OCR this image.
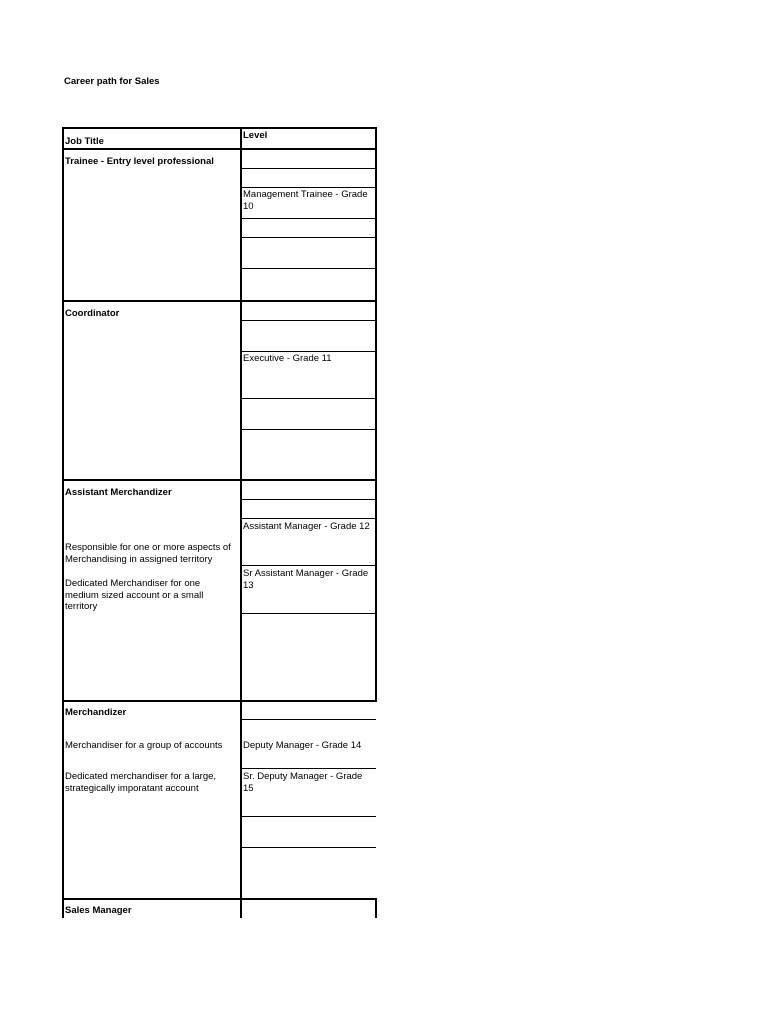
Career path for Sales
Job Title
Level
Trainee - Entry level professional
Management Trainee - Grade 10
Coordinator
Executive - Grade 11
Assistant Merchandizer
Responsible for one or more aspects of Merchandising in assigned territory
Dedicated Merchandiser for one medium sized account or a small territory
Assistant Manager - Grade 12
Sr Assistant Manager - Grade 13
Merchandizer
Merchandiser for a group of accounts Deputy Manager - Grade 14
Dedicated merchandiser for a large, strategically imporatant account
Sr. Deputy Manager - Grade 15
Sales Manager
